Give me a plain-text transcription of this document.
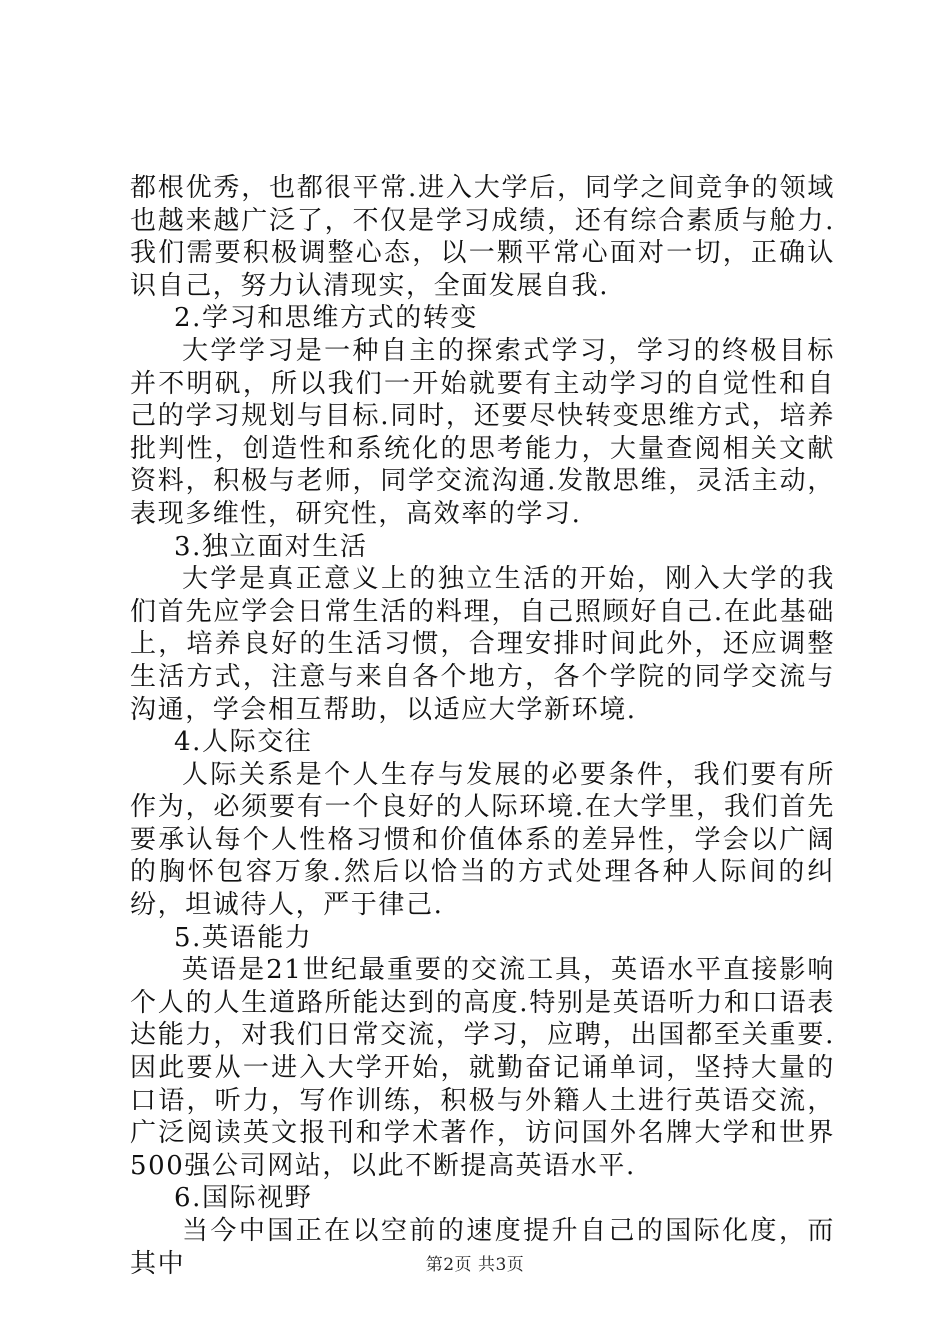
都根优秀，也都很平常.进入大学后，同学之间竞争的领域也越来越广泛了，不仅是学习成绩，还有综合素质与舱力.我们需要积极调整心态，以一颗平常心面对一切，正确认识自己，努力认清现实，全面发展自我.

2.学习和思维方式的转变

大学学习是一种自主的探索式学习，学习的终极目标并不明矾，所以我们一开始就要有主动学习的自觉性和自己的学习规划与目标.同时，还要尽快转变思维方式，培养批判性，创造性和系统化的思考能力，大量查阅相关文献资料，积极与老师，同学交流沟通.发散思维，灵活主动，表现多维性，研究性，高效率的学习.

3.独立面对生活

大学是真正意义上的独立生活的开始，刚入大学的我们首先应学会日常生活的料理，自己照顾好自己.在此基础上，培养良好的生活习惯，合理安排时间此外，还应调整生活方式，注意与来自各个地方，各个学院的同学交流与沟通，学会相互帮助，以适应大学新环境.

4.人际交往

人际关系是个人生存与发展的必要条件，我们要有所作为，必须要有一个良好的人际环境.在大学里，我们首先要承认每个人性格习惯和价值体系的差异性，学会以广阔的胸怀包容万象.然后以恰当的方式处理各种人际间的纠纷，坦诚待人，严于律己.

5.英语能力

英语是21世纪最重要的交流工具，英语水平直接影响个人的人生道路所能达到的高度.特别是英语听力和口语表达能力，对我们日常交流，学习，应聘，出国都至关重要.因此要从一进入大学开始，就勤奋记诵单词，坚持大量的口语，听力，写作训练，积极与外籍人土进行英语交流，广泛阅读英文报刊和学术著作，访问国外名牌大学和世界500强公司网站，以此不断提高英语水平.

6.国际视野

当今中国正在以空前的速度提升自己的国际化度，而其中	第2页 共3页
